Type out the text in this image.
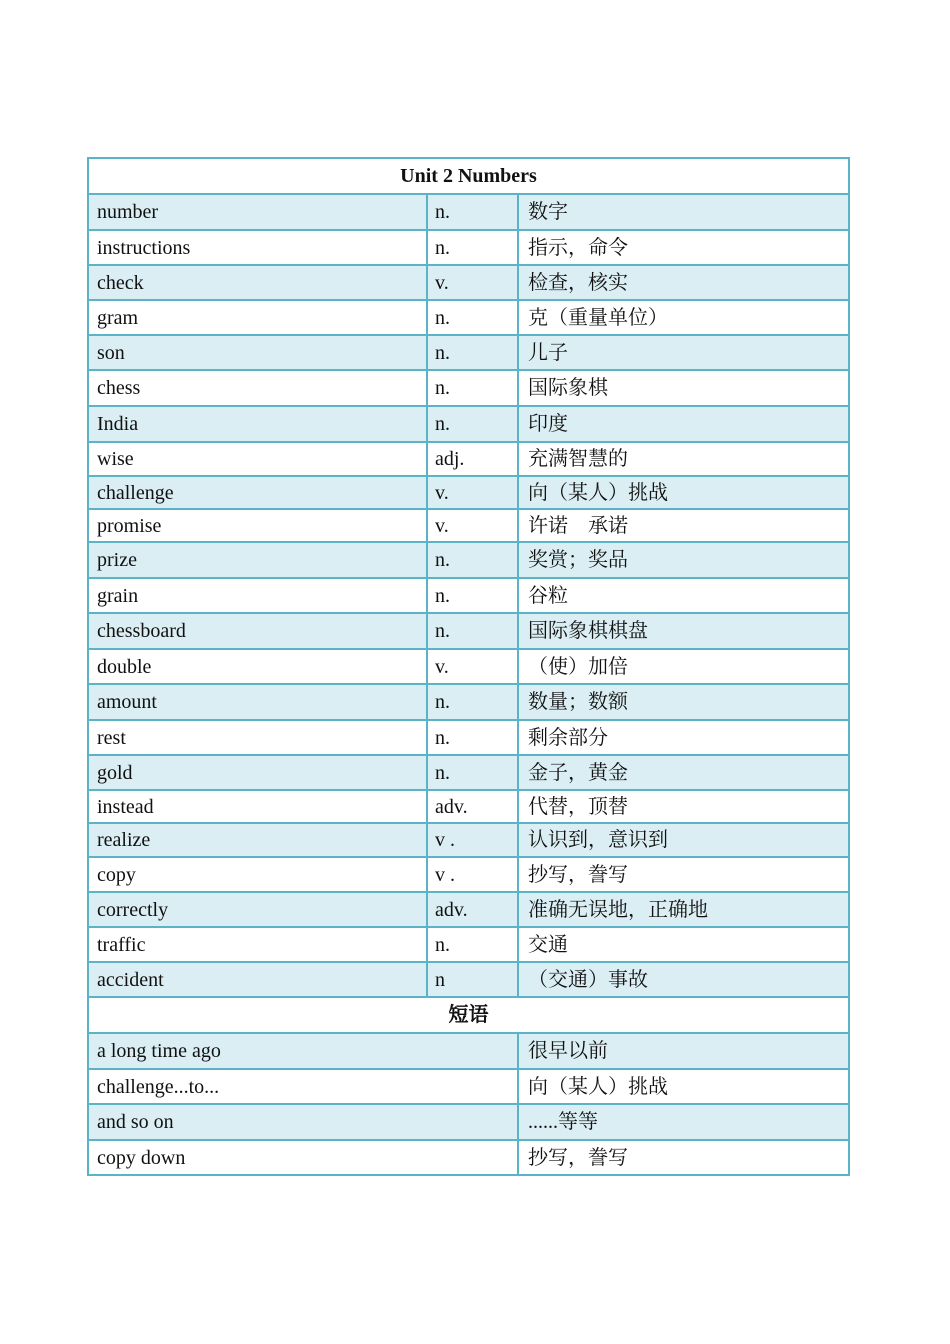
Unit 2 Numbers		
number	n.	数字
instructions	n.	指示，命令
check	v.	检查，核实
gram	n.	克（重量单位）
son	n.	儿子
chess	n.	国际象棋
India	n.	印度
wise	adj.	充满智慧的
challenge	v.	向（某人）挑战
promise	v.	许诺　承诺
prize	n.	奖赏；奖品
grain	n.	谷粒
chessboard	n.	国际象棋棋盘
double	v.	（使）加倍
amount	n.	数量；数额
rest	n.	剩余部分
gold	n.	金子，黄金
instead	adv.	代替，顶替
realize	v .	认识到，意识到
copy	v .	抄写，誊写
correctly	adv.	准确无误地，正确地
traffic	n.	交通
accident	n	（交通）事故
短语		
a long time ago		很早以前
challenge...to...		向（某人）挑战
and so on		......等等
copy down		抄写，誊写
